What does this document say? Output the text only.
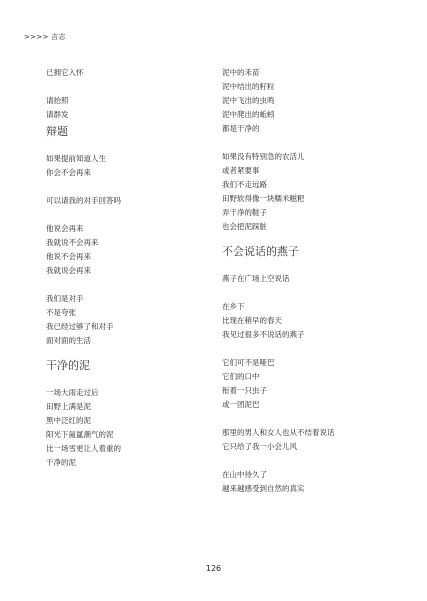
>>>> 吉志
已拥它入怀
请抬照
请群发
辩题
如果提前知道人生
你会不会再来
可以请我的对手回答吗
他说会再来
我就说不会再来
他说不会再来
我就说会再来
我们是对手
不是夸张
我已经过够了和对手
面对面的生活
干净的泥
一场大雨走过后
田野上满是泥
黑中泛红的泥
阳光下氤氲潮气的泥
比一场雪更让人着重的
干净的泥
泥中的禾苗
泥中结出的籽粒
泥中飞出的虫鸣
泥中爬出的蚯蚓
都是干净的
如果没有特别急的农活儿
或者紧要事
我们不走远路
田野软得像一块糯米糍粑
弄干净的鞋子
也会把泥踩脏
不会说话的燕子
燕子在广场上空说话
在乡下
比现在稍早的春天
我见过很多不说话的燕子
它们可不是哑巴
它们的口中
衔着一只虫子
或一团泥巴
那里的男人和女人也从不结着说话
它只给了我一小会儿风
在山中待久了
越来越感受到自然的真实
126
